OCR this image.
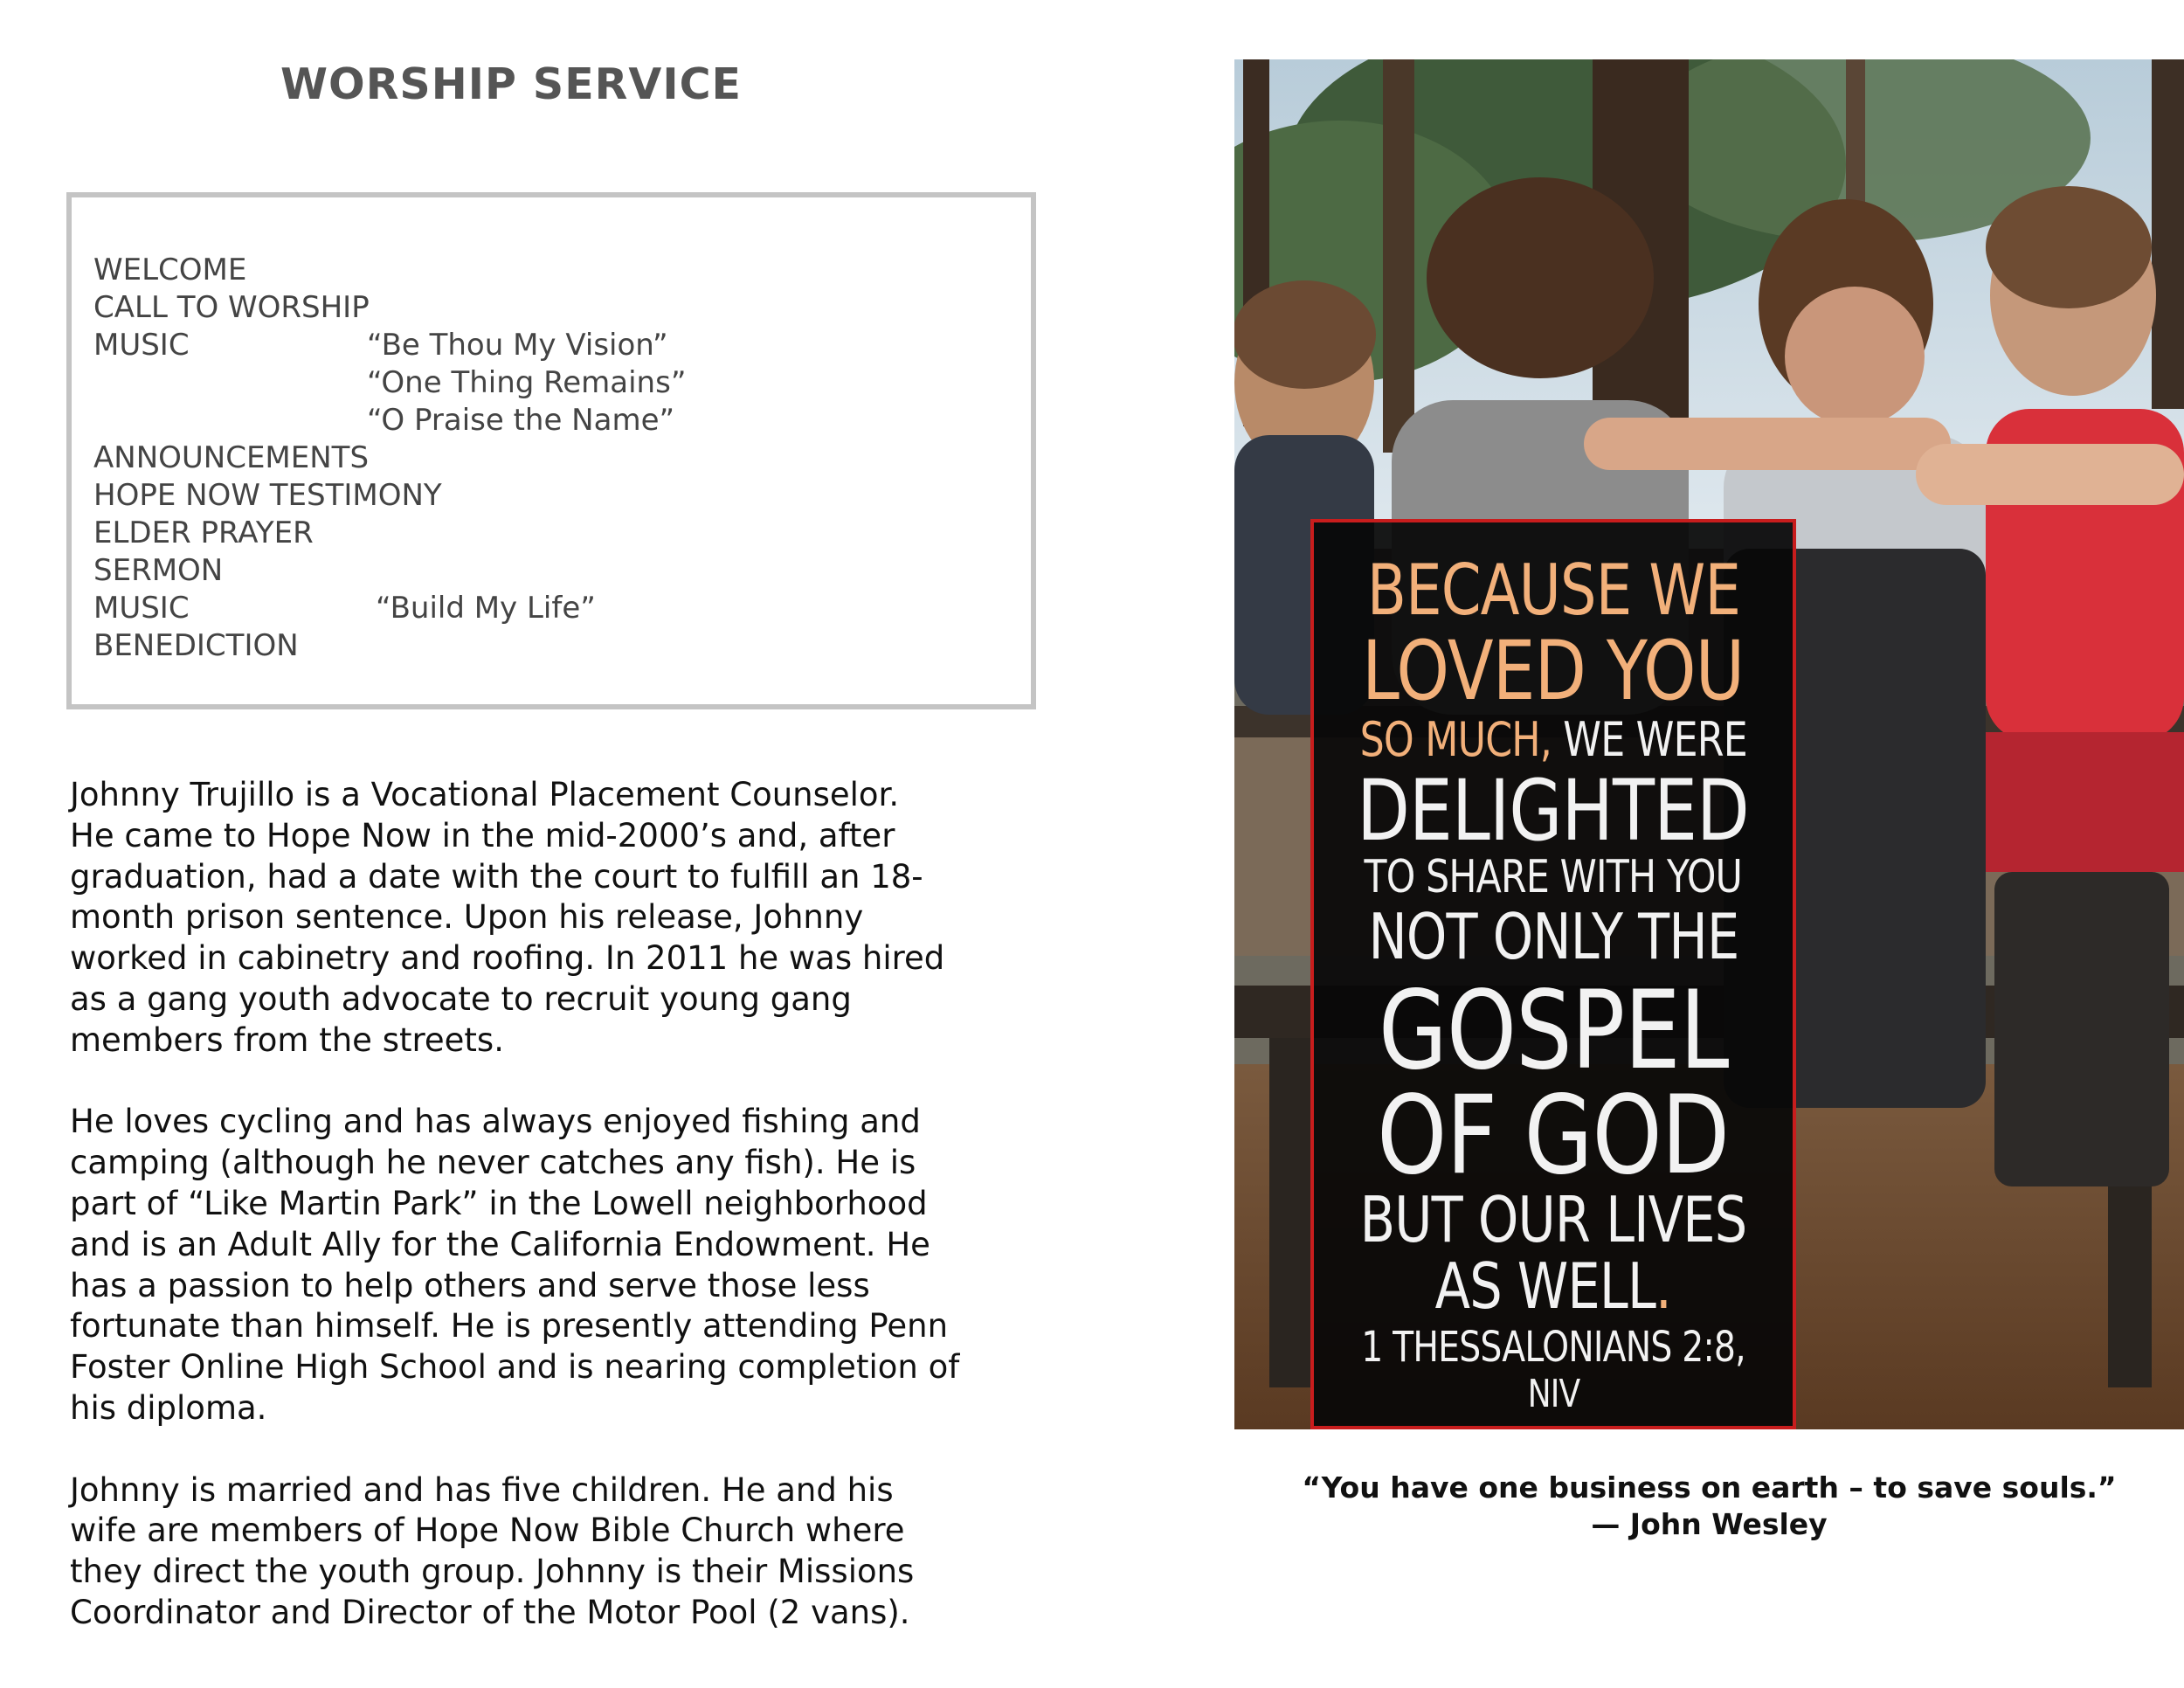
WORSHIP SERVICE
WELCOME
CALL TO WORSHIP
MUSIC	“Be Thou My Vision”
“One Thing Remains”
“O Praise the Name”
ANNOUNCEMENTS
HOPE NOW TESTIMONY
ELDER PRAYER
SERMON
MUSIC	“Build My Life”
BENEDICTION

Johnny Trujillo is a Vocational Placement Counselor.
He came to Hope Now in the mid-2000’s and, after
graduation, had a date with the court to fulfill an 18-
month prison sentence. Upon his release, Johnny
worked in cabinetry and roofing. In 2011 he was hired
as a gang youth advocate to recruit young gang
members from the streets.

He loves cycling and has always enjoyed fishing and
camping (although he never catches any fish). He is
part of “Like Martin Park” in the Lowell neighborhood
and is an Adult Ally for the California Endowment. He
has a passion to help others and serve those less
fortunate than himself. He is presently attending Penn
Foster Online High School and is nearing completion of
his diploma.

Johnny is married and has five children. He and his
wife are members of Hope Now Bible Church where
they direct the youth group. Johnny is their Missions
Coordinator and Director of the Motor Pool (2 vans).

BECAUSE WE
LOVED YOU
SO MUCH, WE WERE
DELIGHTED
TO SHARE WITH YOU
NOT ONLY THE
GOSPEL
OF GOD
BUT OUR LIVES
AS WELL.
1 THESSALONIANS 2:8,
NIV
“You have one business on earth – to save souls.”
— John Wesley
